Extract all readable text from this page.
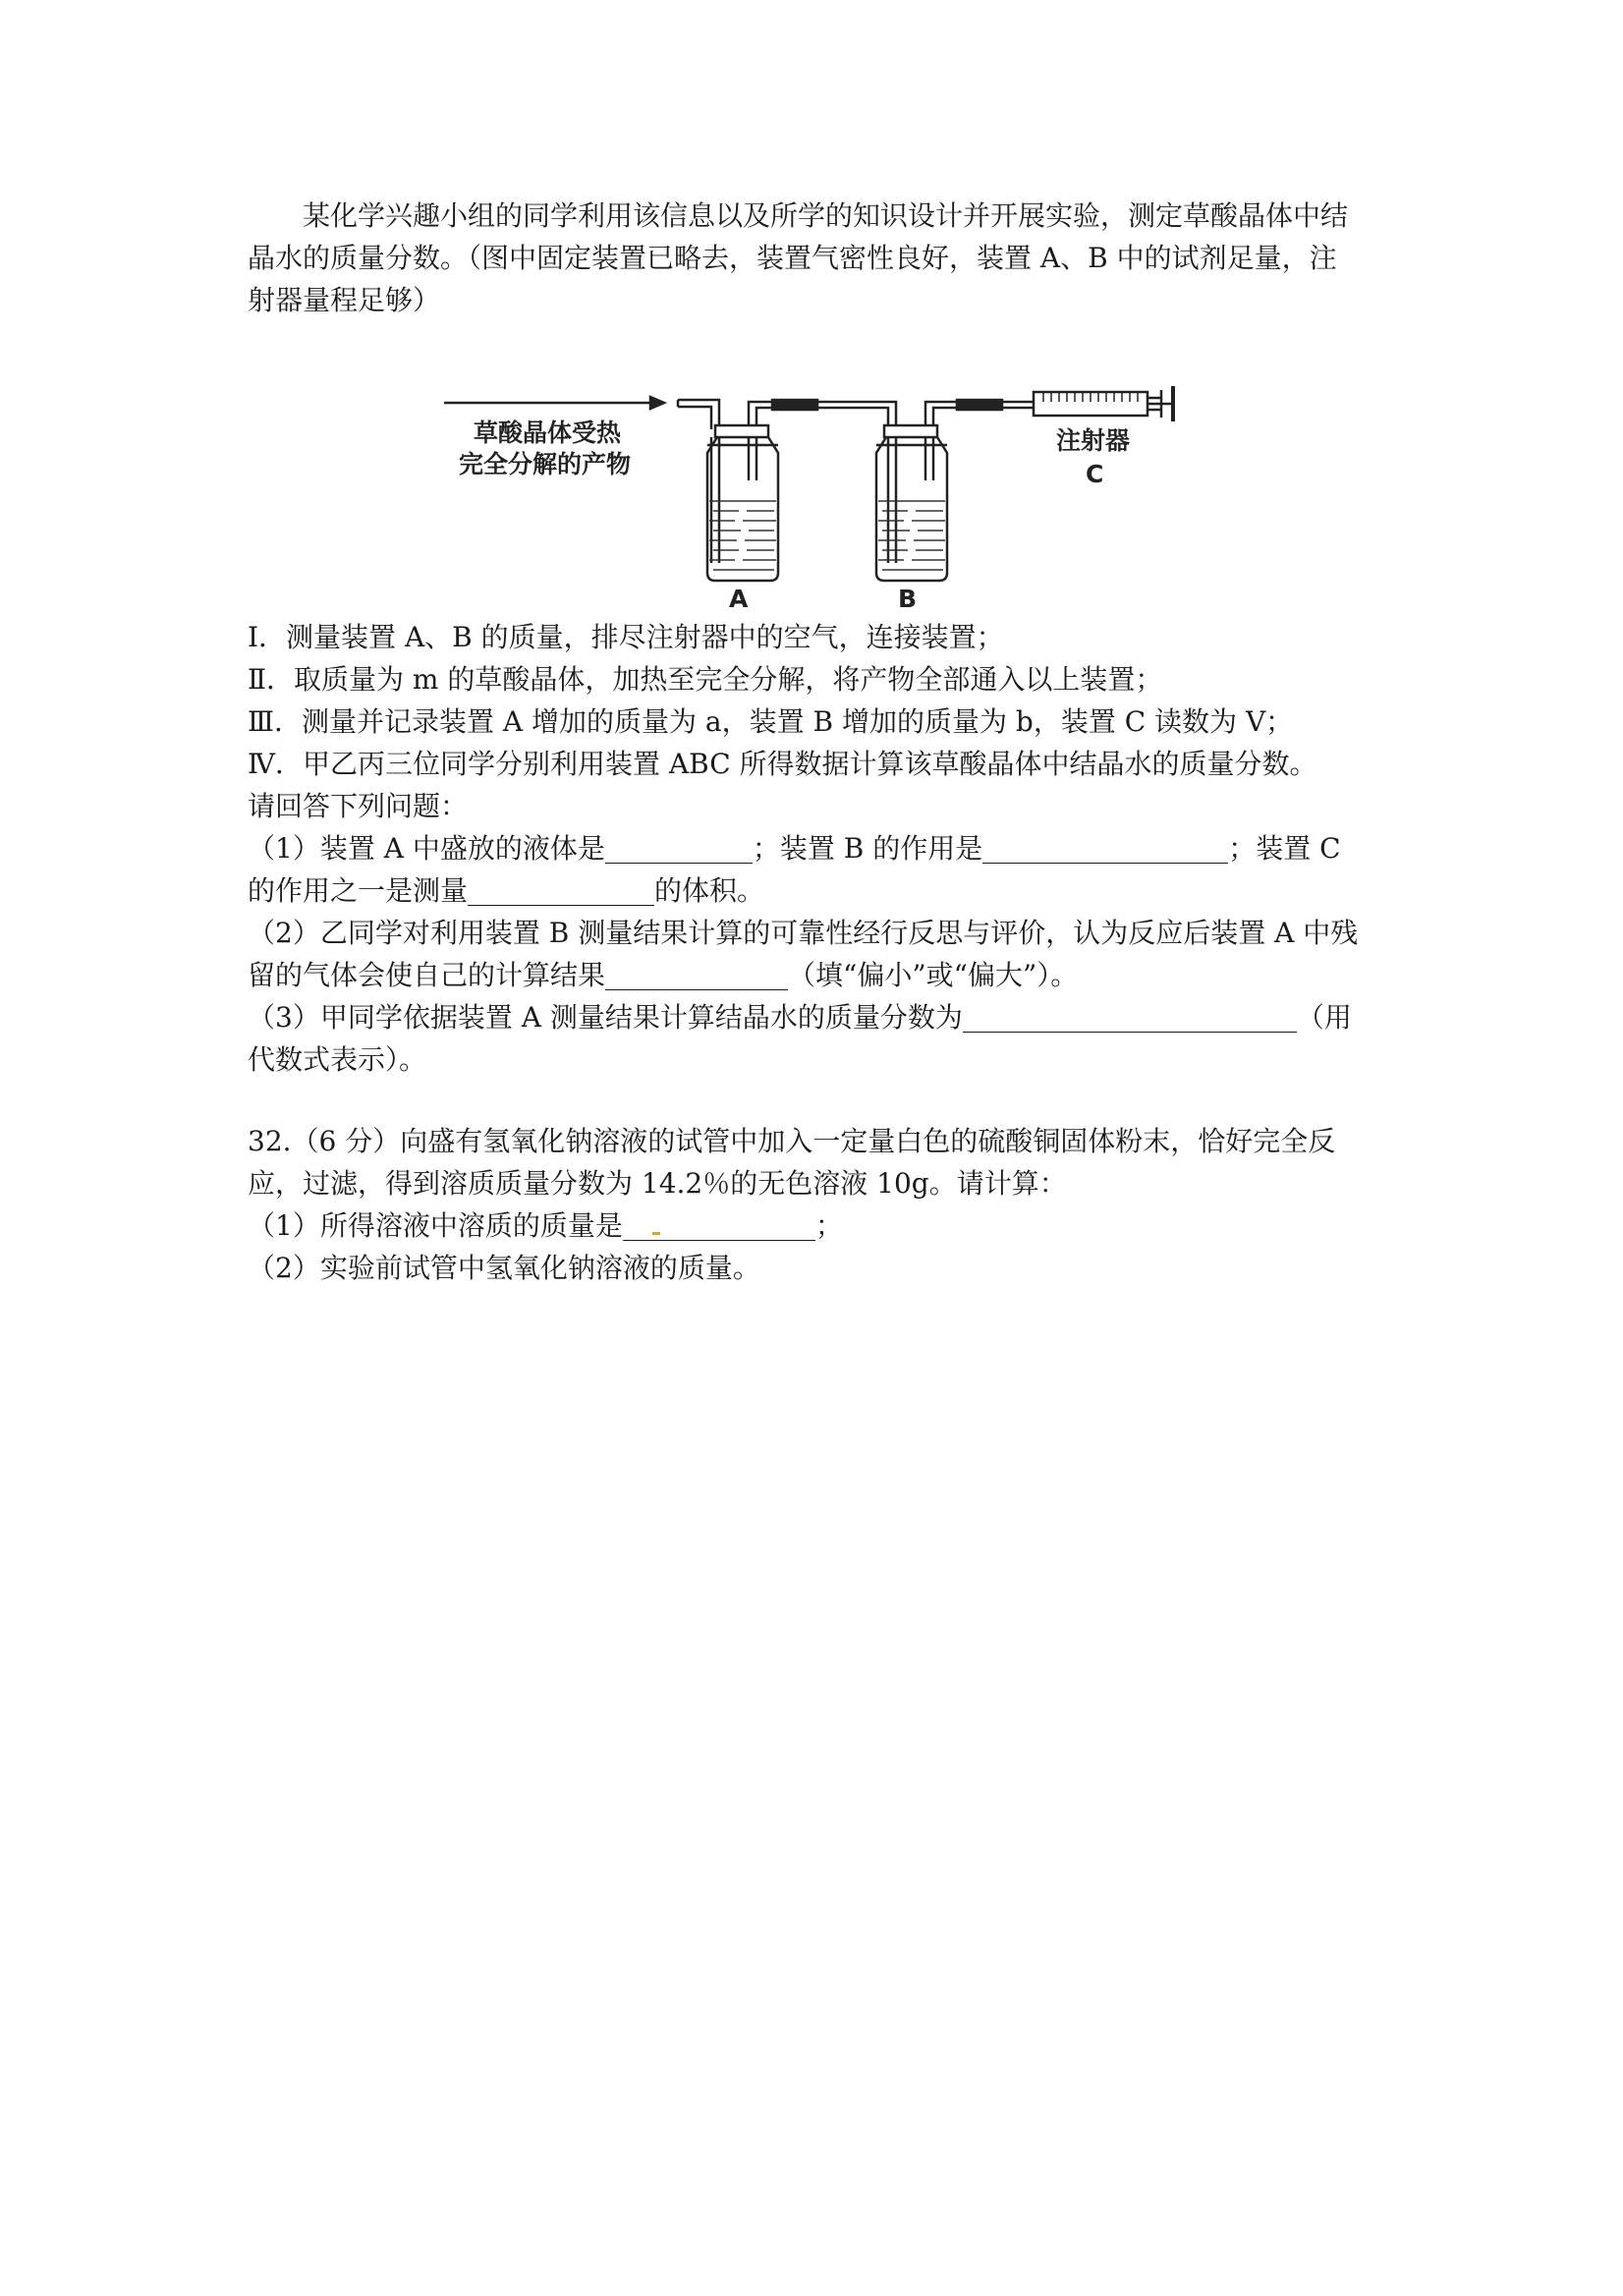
某化学兴趣小组的同学利用该信息以及所学的知识设计并开展实验，测定草酸晶体中结
晶水的质量分数。（图中固定装置已略去，装置气密性良好，装置 A、B 中的试剂足量，注
射器量程足够）
草酸晶体受热
完全分解的产物
注射器
C
A	B
Ⅰ．测量装置 A、B 的质量，排尽注射器中的空气，连接装置；
Ⅱ．取质量为 m 的草酸晶体，加热至完全分解，将产物全部通入以上装置；
Ⅲ．测量并记录装置 A 增加的质量为 a，装置 B 增加的质量为 b，装置 C 读数为 V；
Ⅳ．甲乙丙三位同学分别利用装置 ABC 所得数据计算该草酸晶体中结晶水的质量分数。
请回答下列问题：
（1）装置 A 中盛放的液体是	；装置 B 的作用是	；装置 C
的作用之一是测量	的体积。
（2）乙同学对利用装置 B 测量结果计算的可靠性经行反思与评价，认为反应后装置 A 中残
留的气体会使自己的计算结果	（填“偏小”或“偏大”）。
（3）甲同学依据装置 A 测量结果计算结晶水的质量分数为	（用
代数式表示）。
32.（6 分）向盛有氢氧化钠溶液的试管中加入一定量白色的硫酸铜固体粉末，恰好完全反
应，过滤，得到溶质质量分数为 14.2％的无色溶液 10g。请计算：
（1）所得溶液中溶质的质量是	；
（2）实验前试管中氢氧化钠溶液的质量。
